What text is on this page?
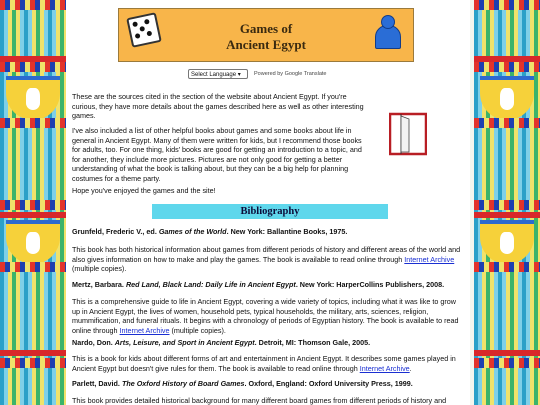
Games of
Ancient Egypt
Select Language ▾	Powered by Google Translate
These are the sources cited in the section of the website about Ancient Egypt. If you're curious, they have more details about the games described here as well as other interesting games.
I've also included a list of other helpful books about games and some books about life in general in Ancient Egypt. Many of them were written for kids, but I recommend those books for adults, too. For one thing, kids' books are good for getting an introduction to a topic, and for another, they include more pictures. Pictures are not only good for getting a better understanding of what the book is talking about, but they can be a big help for planning costumes for a theme party.
Hope you've enjoyed the games and the site!
Bibliography
Grunfeld, Frederic V., ed. Games of the World. New York: Ballantine Books, 1975.
This book has both historical information about games from different periods of history and different areas of the world and also gives information on how to make and play the games. The book is available to read online through Internet Archive (multiple copies).
Mertz, Barbara. Red Land, Black Land: Daily Life in Ancient Egypt. New York: HarperCollins Publishers, 2008.
This is a comprehensive guide to life in Ancient Egypt, covering a wide variety of topics, including what it was like to grow up in Ancient Egypt, the lives of women, household pets, typical households, the military, arts, sciences, religion, mummification, and funeral rituals. It begins with a chronology of periods of Egyptian history. The book is available to read online through Internet Archive (multiple copies).
Nardo, Don. Arts, Leisure, and Sport in Ancient Egypt. Detroit, MI: Thomson Gale, 2005.
This is a book for kids about different forms of art and entertainment in Ancient Egypt. It describes some games played in Ancient Egypt but doesn't give rules for them. The book is available to read online through Internet Archive.
Parlett, David. The Oxford History of Board Games. Oxford, England: Oxford University Press, 1999.
This book provides detailed historical background for many different board games from different periods of history and
